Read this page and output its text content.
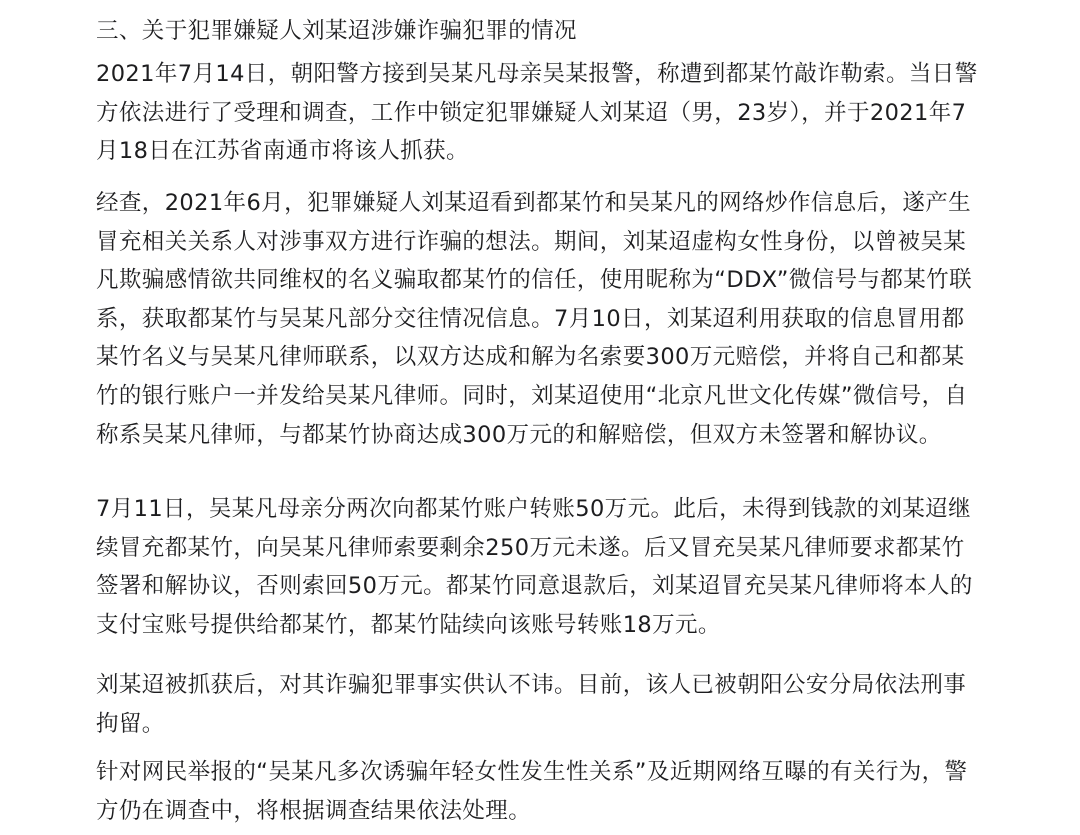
三、关于犯罪嫌疑人刘某迢涉嫌诈骗犯罪的情况

2021年7月14日，朝阳警方接到吴某凡母亲吴某报警，称遭到都某竹敲诈勒索。当日警
方依法进行了受理和调查，工作中锁定犯罪嫌疑人刘某迢（男，23岁），并于2021年7
月18日在江苏省南通市将该人抓获。

经查，2021年6月，犯罪嫌疑人刘某迢看到都某竹和吴某凡的网络炒作信息后，遂产生
冒充相关关系人对涉事双方进行诈骗的想法。期间，刘某迢虚构女性身份，以曾被吴某
凡欺骗感情欲共同维权的名义骗取都某竹的信任，使用昵称为“DDX”微信号与都某竹联
系，获取都某竹与吴某凡部分交往情况信息。7月10日，刘某迢利用获取的信息冒用都
某竹名义与吴某凡律师联系，以双方达成和解为名索要300万元赔偿，并将自己和都某
竹的银行账户一并发给吴某凡律师。同时，刘某迢使用“北京凡世文化传媒”微信号，自
称系吴某凡律师，与都某竹协商达成300万元的和解赔偿，但双方未签署和解协议。

7月11日，吴某凡母亲分两次向都某竹账户转账50万元。此后，未得到钱款的刘某迢继
续冒充都某竹，向吴某凡律师索要剩余250万元未遂。后又冒充吴某凡律师要求都某竹
签署和解协议，否则索回50万元。都某竹同意退款后，刘某迢冒充吴某凡律师将本人的
支付宝账号提供给都某竹，都某竹陆续向该账号转账18万元。

刘某迢被抓获后，对其诈骗犯罪事实供认不讳。目前，该人已被朝阳公安分局依法刑事
拘留。

针对网民举报的“吴某凡多次诱骗年轻女性发生性关系”及近期网络互曝的有关行为，警
方仍在调查中，将根据调查结果依法处理。
